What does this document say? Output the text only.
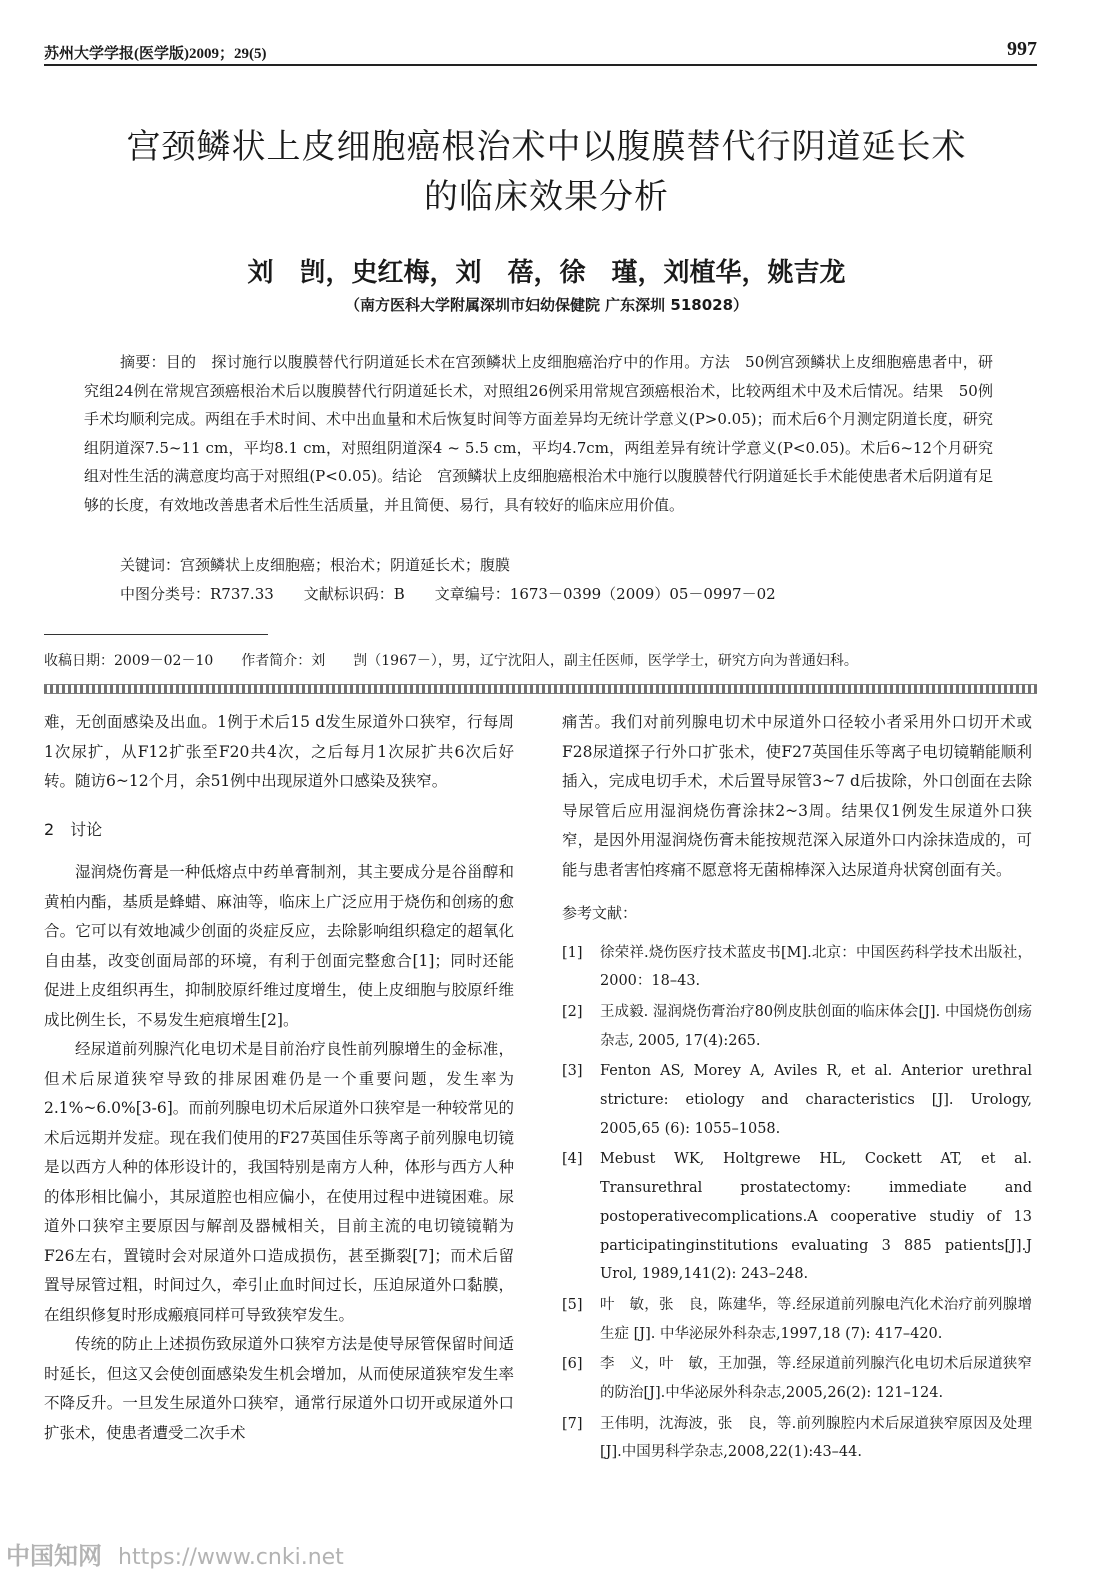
苏州大学学报(医学版)2009；29(5)	997
宫颈鳞状上皮细胞癌根治术中以腹膜替代行阴道延长术
的临床效果分析
刘　剀，史红梅，刘　蓓，徐　瑾，刘植华，姚吉龙
（南方医科大学附属深圳市妇幼保健院 广东深圳 518028）
摘要：目的　探讨施行以腹膜替代行阴道延长术在宫颈鳞状上皮细胞癌治疗中的作用。方法　50例宫颈鳞状上皮细胞癌患者中，研究组24例在常规宫颈癌根治术后以腹膜替代行阴道延长术，对照组26例采用常规宫颈癌根治术，比较两组术中及术后情况。结果　50例手术均顺利完成。两组在手术时间、术中出血量和术后恢复时间等方面差异均无统计学意义(P>0.05)；而术后6个月测定阴道长度，研究组阴道深7.5~11 cm，平均8.1 cm，对照组阴道深4 ~ 5.5 cm，平均4.7cm，两组差异有统计学意义(P<0.05)。术后6~12个月研究组对性生活的满意度均高于对照组(P<0.05)。结论　宫颈鳞状上皮细胞癌根治术中施行以腹膜替代行阴道延长手术能使患者术后阴道有足够的长度，有效地改善患者术后性生活质量，并且简便、易行，具有较好的临床应用价值。
关键词：宫颈鳞状上皮细胞癌；根治术；阴道延长术；腹膜
中图分类号：R737.33　　文献标识码：B　　文章编号：1673－0399（2009）05－0997－02
收稿日期：2009－02－10　　作者简介：刘　　剀（1967－），男，辽宁沈阳人，副主任医师，医学学士，研究方向为普通妇科。

难，无创面感染及出血。1例于术后15 d发生尿道外口狭窄，行每周1次尿扩，从F12扩张至F20共4次，之后每月1次尿扩共6次后好转。随访6~12个月，余51例中出现尿道外口感染及狭窄。

2　讨论

湿润烧伤膏是一种低熔点中药单膏制剂，其主要成分是谷甾醇和黄柏内酯，基质是蜂蜡、麻油等，临床上广泛应用于烧伤和创疡的愈合。它可以有效地减少创面的炎症反应，去除影响组织稳定的超氧化自由基，改变创面局部的环境，有利于创面完整愈合[1]；同时还能促进上皮组织再生，抑制胶原纤维过度增生，使上皮细胞与胶原纤维成比例生长，不易发生疤痕增生[2]。

经尿道前列腺汽化电切术是目前治疗良性前列腺增生的金标准，但术后尿道狭窄导致的排尿困难仍是一个重要问题，发生率为2.1%~6.0%[3-6]。而前列腺电切术后尿道外口狭窄是一种较常见的术后远期并发症。现在我们使用的F27英国佳乐等离子前列腺电切镜是以西方人种的体形设计的，我国特别是南方人种，体形与西方人种的体形相比偏小，其尿道腔也相应偏小，在使用过程中进镜困难。尿道外口狭窄主要原因与解剖及器械相关，目前主流的电切镜镜鞘为F26左右，置镜时会对尿道外口造成损伤，甚至撕裂[7]；而术后留置导尿管过粗，时间过久，牵引止血时间过长，压迫尿道外口黏膜，在组织修复时形成瘢痕同样可导致狭窄发生。

传统的防止上述损伤致尿道外口狭窄方法是使导尿管保留时间适时延长，但这又会使创面感染发生机会增加，从而使尿道狭窄发生率不降反升。一旦发生尿道外口狭窄，通常行尿道外口切开或尿道外口扩张术，使患者遭受二次手术

痛苦。我们对前列腺电切术中尿道外口径较小者采用外口切开术或F28尿道探子行外口扩张术，使F27英国佳乐等离子电切镜鞘能顺利插入，完成电切手术，术后置导尿管3~7 d后拔除，外口创面在去除导尿管后应用湿润烧伤膏涂抹2~3周。结果仅1例发生尿道外口狭窄，是因外用湿润烧伤膏未能按规范深入尿道外口内涂抹造成的，可能与患者害怕疼痛不愿意将无菌棉棒深入达尿道舟状窝创面有关。

参考文献：
[1]	徐荣祥.烧伤医疗技术蓝皮书[M].北京：中国医药科学技术出版社，2000：18–43.
[2]	王成毅. 湿润烧伤膏治疗80例皮肤创面的临床体会[J]. 中国烧伤创疡杂志, 2005, 17(4):265.
[3]	Fenton AS, Morey A, Aviles R, et al. Anterior urethral stricture: etiology and characteristics [J]. Urology, 2005,65 (6): 1055–1058.
[4]	Mebust WK, Holtgrewe HL, Cockett AT, et al. Transurethral prostatectomy: immediate and postoperativecomplications.A cooperative studiy of 13 participatinginstitutions evaluating 3 885 patients[J].J Urol, 1989,141(2): 243–248.
[5]	叶　敏，张　良，陈建华，等.经尿道前列腺电汽化术治疗前列腺增生症 [J]. 中华泌尿外科杂志,1997,18 (7): 417–420.
[6]	李　义，叶　敏，王加强，等.经尿道前列腺汽化电切术后尿道狭窄的防治[J].中华泌尿外科杂志,2005,26(2): 121–124.
[7]	王伟明，沈海波，张　良，等.前列腺腔内术后尿道狭窄原因及处理[J].中国男科学杂志,2008,22(1):43–44.
中国知网 https://www.cnki.net
